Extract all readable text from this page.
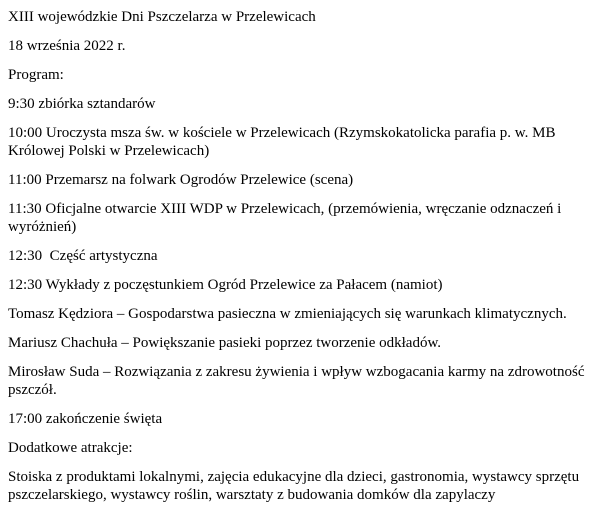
XIII wojewódzkie Dni Pszczelarza w Przelewicach

18 września 2022 r.

Program:

9:30 zbiórka sztandarów

10:00 Uroczysta msza św. w kościele w Przelewicach (Rzymskokatolicka parafia p. w. MB Królowej Polski w Przelewicach)

11:00 Przemarsz na folwark Ogrodów Przelewice (scena)

11:30 Oficjalne otwarcie XIII WDP w Przelewicach, (przemówienia, wręczanie odznaczeń i wyróżnień)

12:30  Część artystyczna

12:30 Wykłady z poczęstunkiem Ogród Przelewice za Pałacem (namiot)

Tomasz Kędziora – Gospodarstwa pasieczna w zmieniających się warunkach klimatycznych.

Mariusz Chachuła – Powiększanie pasieki poprzez tworzenie odkładów.

Mirosław Suda – Rozwiązania z zakresu żywienia i wpływ wzbogacania karmy na zdrowotność pszczół.

17:00 zakończenie święta

Dodatkowe atrakcje:

Stoiska z produktami lokalnymi, zajęcia edukacyjne dla dzieci, gastronomia, wystawcy sprzętu pszczelarskiego, wystawcy roślin, warsztaty z budowania domków dla zapylaczy
